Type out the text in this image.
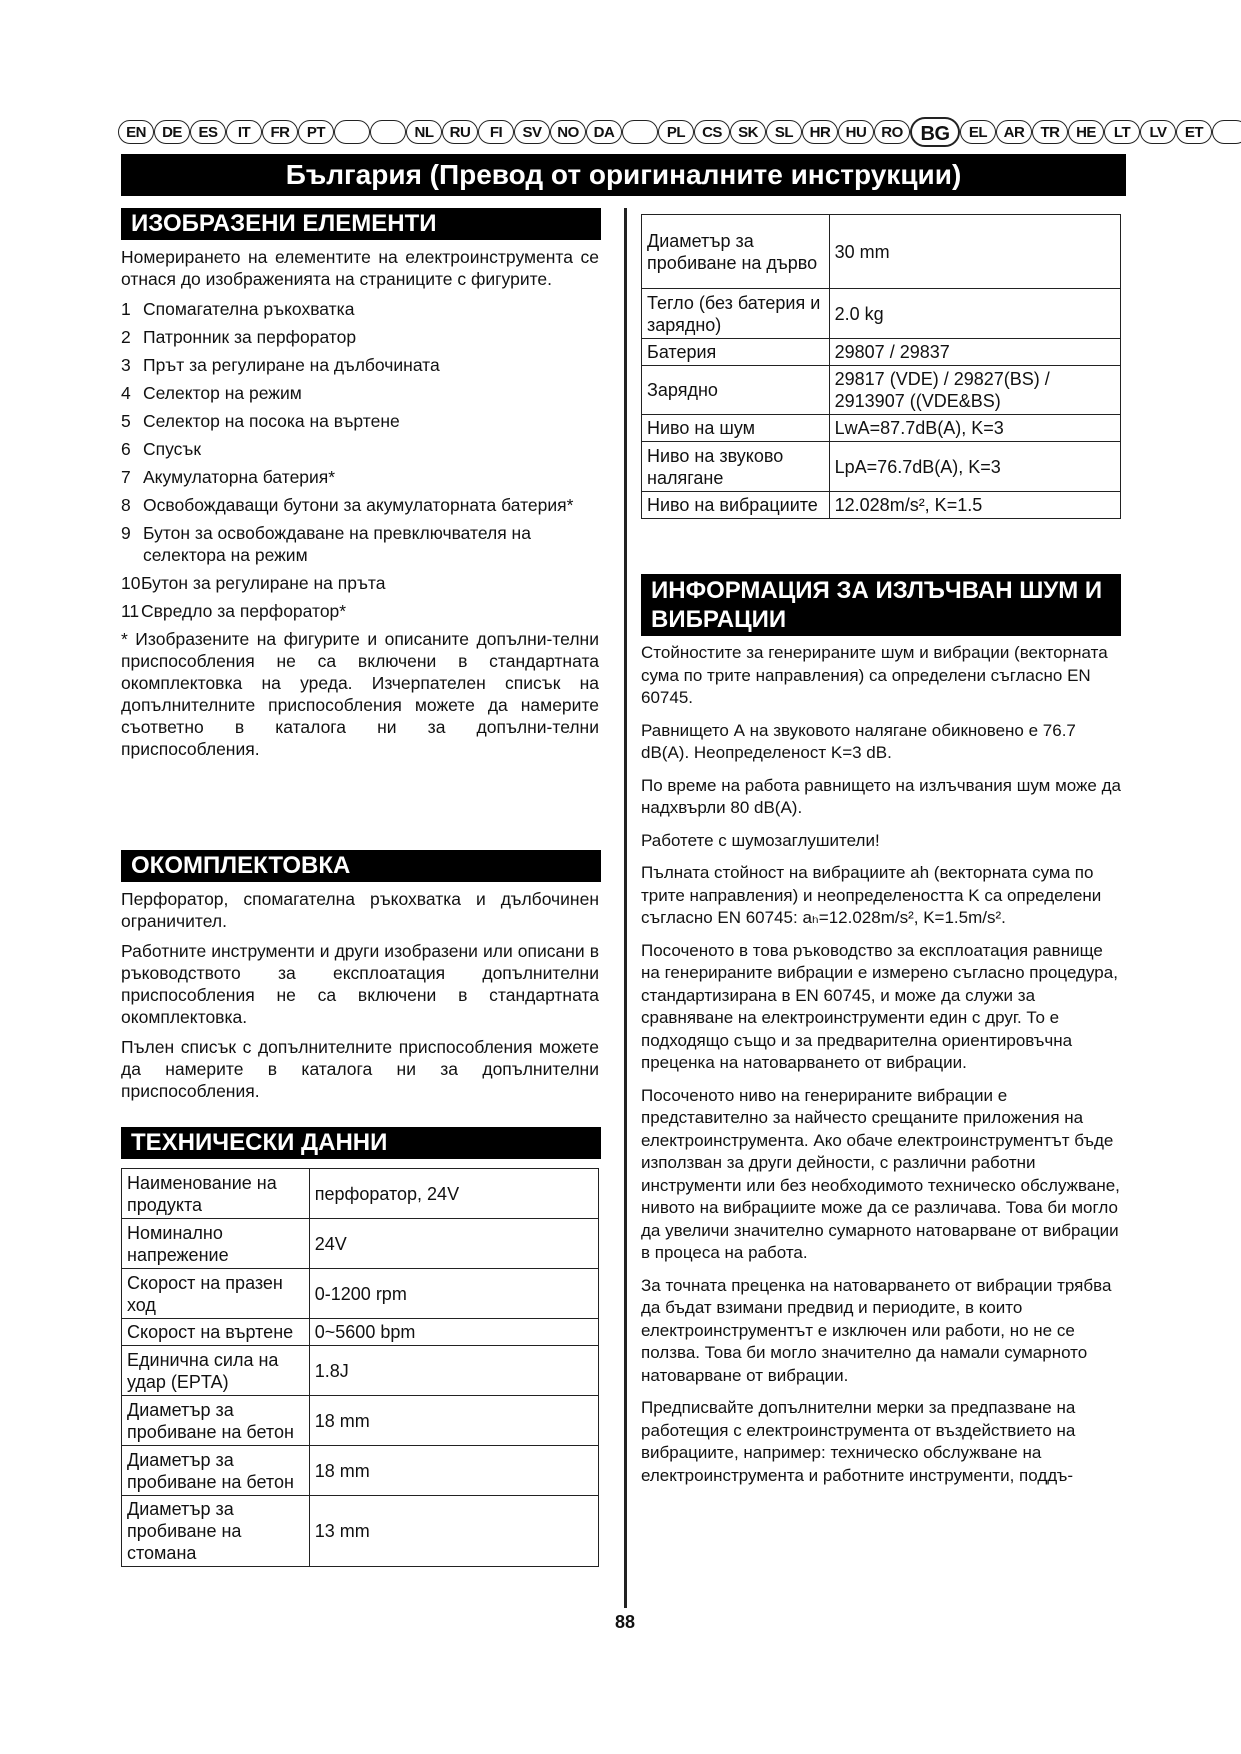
EN	DE	ES	IT	FR	PT	NL	RU	FI	SV	NO DA	PL	CS	SK	SL	HR	HU RO BG	EL	AR	TR	HE	LT	LV	ET
България (Превод от оригиналните инструкции)
ИЗОБРАЗЕНИ ЕЛЕМЕНТИ

Номерирането на елементите на електроинструмента се отнася до изображенията на страниците с фигурите.

1 Спомагателна ръкохватка
2 Патронник за перфоратор
3 Прът за регулиране на дълбочината
4 Селектор на режим
5 Селектор на посока на въртене
6 Спусък
7 Акумулаторна батерия*
8 Освобождаващи бутони за акумулаторната батерия*
9 Бутон за освобождаване на превключвателя на селектора на режим
10 Бутон за регулиране на пръта
11 Свредло за перфоратор*

* Изобразените на фигурите и описаните допълни-телни приспособления не са включени в стандартната окомплектовка на уреда. Изчерпателен списък на допълнителните приспособления можете да намерите съответно в каталога ни за допълни-телни приспособления.

ОКОМПЛЕКТОВКА

Перфоратор, спомагателна ръкохватка и дълбочинен ограничител.

Работните инструменти и други изобразени или описани в ръководството за експлоатация допълнителни приспособления не са включени в стандартната окомплектовка.

Пълен списък с допълнителните приспособления можете да намерите в каталога ни за допълнителни приспособления.

ТЕХНИЧЕСКИ ДАННИ
Наименование на продукта	перфоратор, 24V
Номинално напрежение	24V
Скорост на празен ход	0-1200 rpm
Скорост на въртене	0~5600 bpm
Единична сила на удар (EPTA)	1.8J
Диаметър за пробиване на бетон	18 mm
Диаметър за пробиване на бетон	18 mm
Диаметър за пробиване на стомана	13 mm
Диаметър за пробиване на дърво	30 mm
Тегло (без батерия и зарядно)	2.0 kg
Батерия	29807 / 29837
Зарядно	29817 (VDE) / 29827(BS) / 2913907 ((VDE&BS)
Ниво на шум	LwA=87.7dB(A), K=3
Ниво на звуково налягане	LpA=76.7dB(A), K=3
Ниво на вибрациите	12.028m/s², K=1.5
ИНФОРМАЦИЯ ЗА ИЗЛЪЧВАН ШУМ И ВИБРАЦИИ

Стойностите за генерираните шум и вибрации (векторната сума по трите направления) са определени съгласно EN 60745.

Равнището А на звуковото налягане обикновено е 76.7 dB(A). Неопределеност K=3 dB.

По време на работа равнището на излъчвания шум може да надхвърли 80 dB(A).

Работете с шумозаглушители!

Пълната стойност на вибрациите ah (векторната сума по трите направления) и неопределеността K са определени съгласно EN 60745: aₕ=12.028m/s², K=1.5m/s².

Посоченото в това ръководство за експлоатация равнище на генерираните вибрации е измерено съгласно процедура, стандартизирана в EN 60745, и може да служи за сравняване на електроинструменти един с друг. То е подходящо също и за предварителна ориентировъчна преценка на натоварването от вибрации.

Посоченото ниво на генерираните вибрации е представително за найчесто срещаните приложения на електроинструмента. Ако обаче електроинструментът бъде използван за други дейности, с различни работни инструменти или без необходимото техническо обслужване, нивото на вибрациите може да се различава. Това би могло да увеличи значително сумарното натоварване от вибрации в процеса на работа.

За точната преценка на натоварването от вибрации трябва да бъдат взимани предвид и периодите, в които електроинструментът е изключен или работи, но не се ползва. Това би могло значително да намали сумарното натоварване от вибрации.

Предписвайте допълнителни мерки за предпазване на работещия с електроинструмента от въздействието на вибрациите, например: техническо обслужване на електроинструмента и работните инструменти, поддъ-

88
